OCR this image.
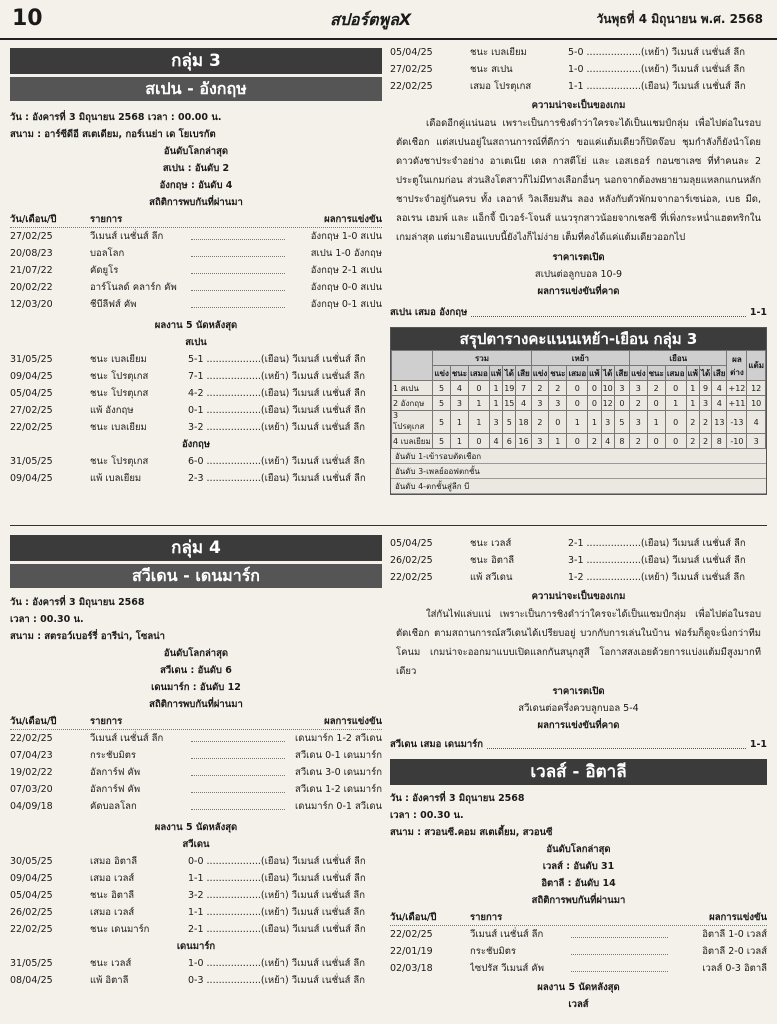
10	สปอร์ตพูลX	วันพุธที่ 4 มิถุนายน พ.ศ. 2568
กลุ่ม 3
สเปน - อังกฤษ
วัน : อังคารที่ 3 มิถุนายน 2568 เวลา : 00.00 น.
สนาม : อาร์ซีดีอี สเตเดียม, กอร์เนย่า เด โยเบรกัต
อันดับโลกล่าสุด
สเปน : อันดับ 2
อังกฤษ : อันดับ 4
สถิติการพบกันที่ผ่านมา
วัน/เดือน/ปี	รายการ	ผลการแข่งขัน
27/02/25	วีเมนส์ เนชั่นส์ ลีก	อังกฤษ 1-0 สเปน
20/08/23	บอลโลก	สเปน 1-0 อังกฤษ
21/07/22	คัดยูโร	อังกฤษ 2-1 สเปน
20/02/22	อาร์โนลด์ คลาร์ก คัพ	อังกฤษ 0-0 สเปน
12/03/20	ชีบีลีฟส์ คัพ	อังกฤษ 0-1 สเปน
ผลงาน 5 นัดหลังสุด
สเปน
31/05/25	ชนะ เบลเยียม	5-1 ..................(เยือน) วีเมนส์ เนชั่นส์ ลีก
09/04/25	ชนะ โปรตุเกส	7-1 ..................(เหย้า) วีเมนส์ เนชั่นส์ ลีก
05/04/25	ชนะ โปรตุเกส	4-2 ..................(เยือน) วีเมนส์ เนชั่นส์ ลีก
27/02/25	แพ้ อังกฤษ	0-1 ..................(เยือน) วีเมนส์ เนชั่นส์ ลีก
22/02/25	ชนะ เบลเยียม	3-2 ..................(เหย้า) วีเมนส์ เนชั่นส์ ลีก
อังกฤษ
31/05/25	ชนะ โปรตุเกส	6-0 ..................(เหย้า) วีเมนส์ เนชั่นส์ ลีก
09/04/25	แพ้ เบลเยียม	2-3 ..................(เยือน) วีเมนส์ เนชั่นส์ ลีก
05/04/25	ชนะ เบลเยียม	5-0 ..................(เหย้า) วีเมนส์ เนชั่นส์ ลีก
27/02/25	ชนะ สเปน	1-0 ..................(เหย้า) วีเมนส์ เนชั่นส์ ลีก
22/02/25	เสมอ โปรตุเกส	1-1 ..................(เยือน) วีเมนส์ เนชั่นส์ ลีก
ความน่าจะเป็นของเกม
เดือดอีกคู่แน่นอน เพราะเป็นการชิงดำว่าใครจะได้เป็นแชมป์กลุ่ม เพื่อไปต่อในรอบตัดเชือก แต่สเปนอยู่ในสถานการณ์ที่ดีกว่า ขอแค่แต้มเดียวก็ปิดจ๊อบ ชุมกำลังก็ยังนำโดยดาวดังชาประจำอย่าง อาเตเนีย เดล กาสตีโย่ และ เอสเธอร์ กอนซาเลซ ที่ทำคนละ 2 ประตูในเกมก่อน ส่วนสิงโตสาวก็ไม่มีทางเลือกอื่นๆ นอกจากต้องพยายามลุยแหลกแกนหลักชาประจำอยู่กันครบ ทั้ง เลอาห์ วิลเลียมสัน ลอง หลังกับตัวพักมจากอาร์เซน่อล, เบธ มีด, ลอเรน เฮมพ์ และ แอ็กจี้ บีเวอร์-โจนส์ แนวรุกสาวน้อยจากเชลซี ที่เพิ่งกระหน่ำแฮตทริกในเกมล่าสุด แต่มาเยือนแบบนี้ยังไงก็ไม่ง่าย เต็มที่คงได้แค่แต้มเดียวออกไป
ราคาเรตเปิด
สเปนต่อลูกบอล 10-9
ผลการแข่งขันที่คาด
สเปน เสมอ อังกฤษ	1-1
สรุปตารางคะแนนเหย้า-เยือน กลุ่ม 3
	รวม						เหย้า						เยือน						ผลต่าง	แต้ม
	แข่ง	ชนะ	เสมอ	แพ้	ได้	เสีย	แข่ง	ชนะ	เสมอ	แพ้	ได้	เสีย	แข่ง	ชนะ	เสมอ	แพ้	ได้	เสีย		
1 สเปน	5	4	0	1	19	7	2	2	0	0	10	3	3	2	0	1	9	4	+12	12
2 อังกฤษ	5	3	1	1	15	4	3	3	0	0	12	0	2	0	1	1	3	4	+11	10
3 โปรตุเกส	5	1	1	3	5	18	2	0	1	1	3	5	3	1	0	2	2	13	-13	4
4 เบลเยียม	5	1	0	4	6	16	3	1	0	2	4	8	2	0	0	2	2	8	-10	3
อันดับ 1-เข้ารอบตัดเชือก
อันดับ 3-เพลย์ออฟตกชั้น
อันดับ 4-ตกชั้นสู่ลีก บี
กลุ่ม 4
สวีเดน - เดนมาร์ก
วัน : อังคารที่ 3 มิถุนายน 2568
เวลา : 00.30 น.
สนาม : สตรอว์เบอร์รี่ อารีน่า, โซลน่า
อันดับโลกล่าสุด
สวีเดน : อันดับ 6
เดนมาร์ก : อันดับ 12
สถิติการพบกันที่ผ่านมา
วัน/เดือน/ปี	รายการ	ผลการแข่งขัน
22/02/25	วีเมนส์ เนชั่นส์ ลีก	เดนมาร์ก 1-2 สวีเดน
07/04/23	กระชับมิตร	สวีเดน 0-1 เดนมาร์ก
19/02/22	อัลการ์ฟ คัพ	สวีเดน 3-0 เดนมาร์ก
07/03/20	อัลการ์ฟ คัพ	สวีเดน 1-2 เดนมาร์ก
04/09/18	คัดบอลโลก	เดนมาร์ก 0-1 สวีเดน
ผลงาน 5 นัดหลังสุด
สวีเดน
30/05/25	เสมอ อิตาลี	0-0 ..................(เยือน) วีเมนส์ เนชั่นส์ ลีก
09/04/25	เสมอ เวลส์	1-1 ..................(เยือน) วีเมนส์ เนชั่นส์ ลีก
05/04/25	ชนะ อิตาลี	3-2 ..................(เหย้า) วีเมนส์ เนชั่นส์ ลีก
26/02/25	เสมอ เวลส์	1-1 ..................(เหย้า) วีเมนส์ เนชั่นส์ ลีก
22/02/25	ชนะ เดนมาร์ก	2-1 ..................(เยือน) วีเมนส์ เนชั่นส์ ลีก
เดนมาร์ก
31/05/25	ชนะ เวลส์	1-0 ..................(เหย้า) วีเมนส์ เนชั่นส์ ลีก
08/04/25	แพ้ อิตาลี	0-3 ..................(เหย้า) วีเมนส์ เนชั่นส์ ลีก
05/04/25	ชนะ เวลส์	2-1 ..................(เยือน) วีเมนส์ เนชั่นส์ ลีก
26/02/25	ชนะ อิตาลี	3-1 ..................(เยือน) วีเมนส์ เนชั่นส์ ลีก
22/02/25	แพ้ สวีเดน	1-2 ..................(เหย้า) วีเมนส์ เนชั่นส์ ลีก
ความน่าจะเป็นของเกม
ใส่กันไฟแล่บแน่ เพราะเป็นการชิงดำว่าใครจะได้เป็นแชมป์กลุ่ม เพื่อไปต่อในรอบตัดเชือก ตามสถานการณ์สวีเดนได้เปรียบอยู่ บวกกับการเล่นในบ้าน ฟอร์มก็ดูจะนิ่งกว่าทีมโคนม เกมน่าจะออกมาแบบเปิดแลกกันสนุกสูสี โอกาสสงเอยด้วยการแบ่งแต้มมีสูงมากทีเดียว
ราคาเรตเปิด
สวีเดนต่อครึ่งควบลูกบอล 5-4
ผลการแข่งขันที่คาด
สวีเดน เสมอ เดนมาร์ก	1-1
เวลส์ - อิตาลี
วัน : อังคารที่ 3 มิถุนายน 2568
เวลา : 00.30 น.
สนาม : สวอนซี.คอม สเตเดี้ยม, สวอนซี
อันดับโลกล่าสุด
เวลส์ : อันดับ 31
อิตาลี : อันดับ 14
สถิติการพบกันที่ผ่านมา
วัน/เดือน/ปี	รายการ	ผลการแข่งขัน
22/02/25	วีเมนส์ เนชั่นส์ ลีก	อิตาลี 1-0 เวลส์
22/01/19	กระชับมิตร	อิตาลี 2-0 เวลส์
02/03/18	ไซปรัส วีเมนส์ คัพ	เวลส์ 0-3 อิตาลี
ผลงาน 5 นัดหลังสุด
เวลส์
